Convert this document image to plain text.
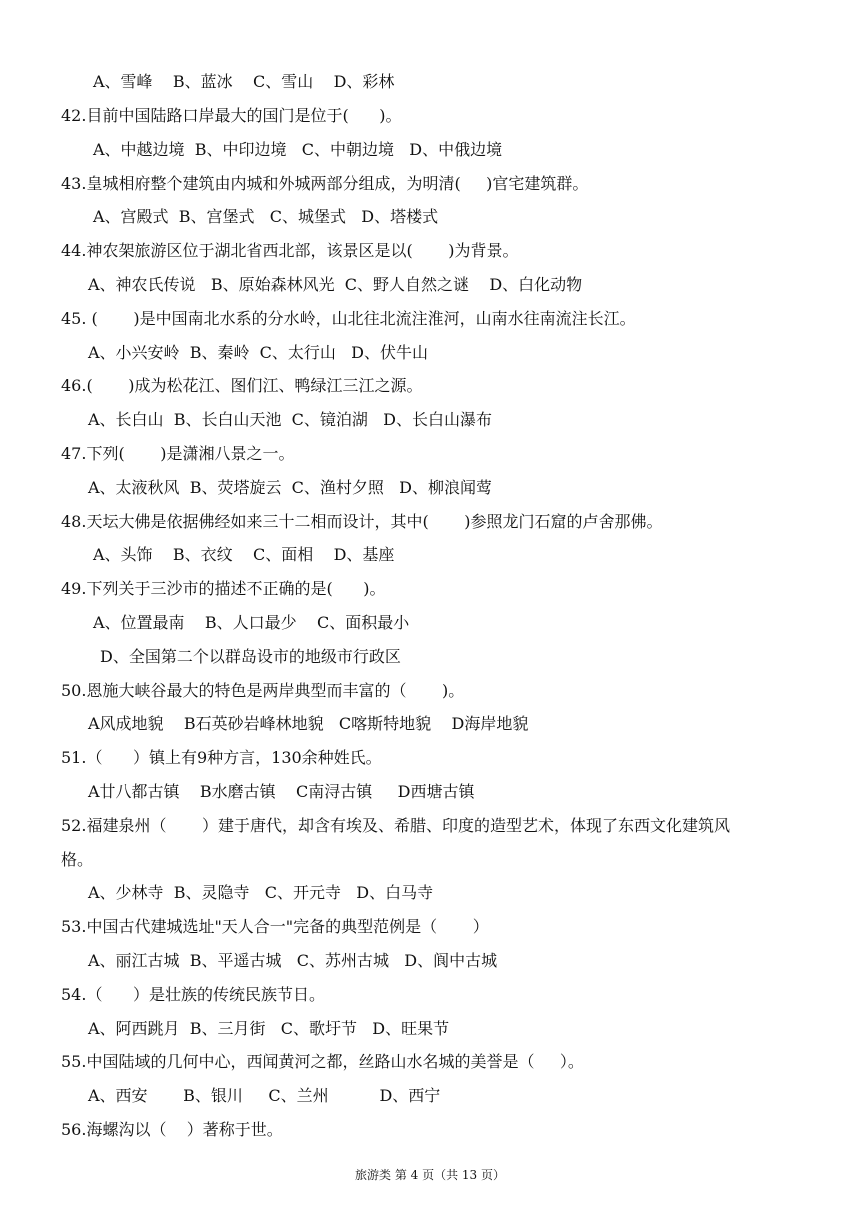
A、雪峰    B、蓝冰    C、雪山    D、彩林
42.目前中国陆路口岸最大的国门是位于(      )。
A、中越边境  B、中印边境   C、中朝边境   D、中俄边境
43.皇城相府整个建筑由内城和外城两部分组成，为明清(     )官宅建筑群。
A、宫殿式  B、宫堡式   C、城堡式   D、塔楼式
44.神农架旅游区位于湖北省西北部，该景区是以(       )为背景。
A、神农氏传说   B、原始森林风光  C、野人自然之谜    D、白化动物
45. (       )是中国南北水系的分水岭，山北往北流注淮河，山南水往南流注长江。
A、小兴安岭  B、秦岭  C、太行山   D、伏牛山
46.(       )成为松花江、图们江、鸭绿江三江之源。
A、长白山  B、长白山天池  C、镜泊湖   D、长白山瀑布
47.下列(       )是潇湘八景之一。
A、太液秋风  B、荧塔旋云  C、渔村夕照   D、柳浪闻莺
48.天坛大佛是依据佛经如来三十二相而设计，其中(       )参照龙门石窟的卢舍那佛。
A、头饰    B、衣纹    C、面相    D、基座
49.下列关于三沙市的描述不正确的是(      )。
A、位置最南    B、人口最少    C、面积最小
D、全国第二个以群岛设市的地级市行政区
50.恩施大峡谷最大的特色是两岸典型而丰富的（       )。
A风成地貌    B石英砂岩峰林地貌   C喀斯特地貌    D海岸地貌
51.（      ）镇上有9种方言，130余种姓氏。
A廿八都古镇    B水磨古镇    C南浔古镇     D西塘古镇
52.福建泉州（       ）建于唐代，却含有埃及、希腊、印度的造型艺术，体现了东西文化建筑风
格。
A、少林寺  B、灵隐寺   C、开元寺   D、白马寺
53.中国古代建城选址"天人合一"完备的典型范例是（       ）
A、丽江古城  B、平遥古城   C、苏州古城   D、阆中古城
54.（      ）是壮族的传统民族节日。
A、阿西跳月  B、三月街   C、歌圩节   D、旺果节
55.中国陆域的几何中心，西闻黄河之都，丝路山水名城的美誉是（     ）。
A、西安       B、银川     C、兰州          D、西宁
56.海螺沟以（    ）著称于世。
旅游类 第 4 页（共 13 页）
